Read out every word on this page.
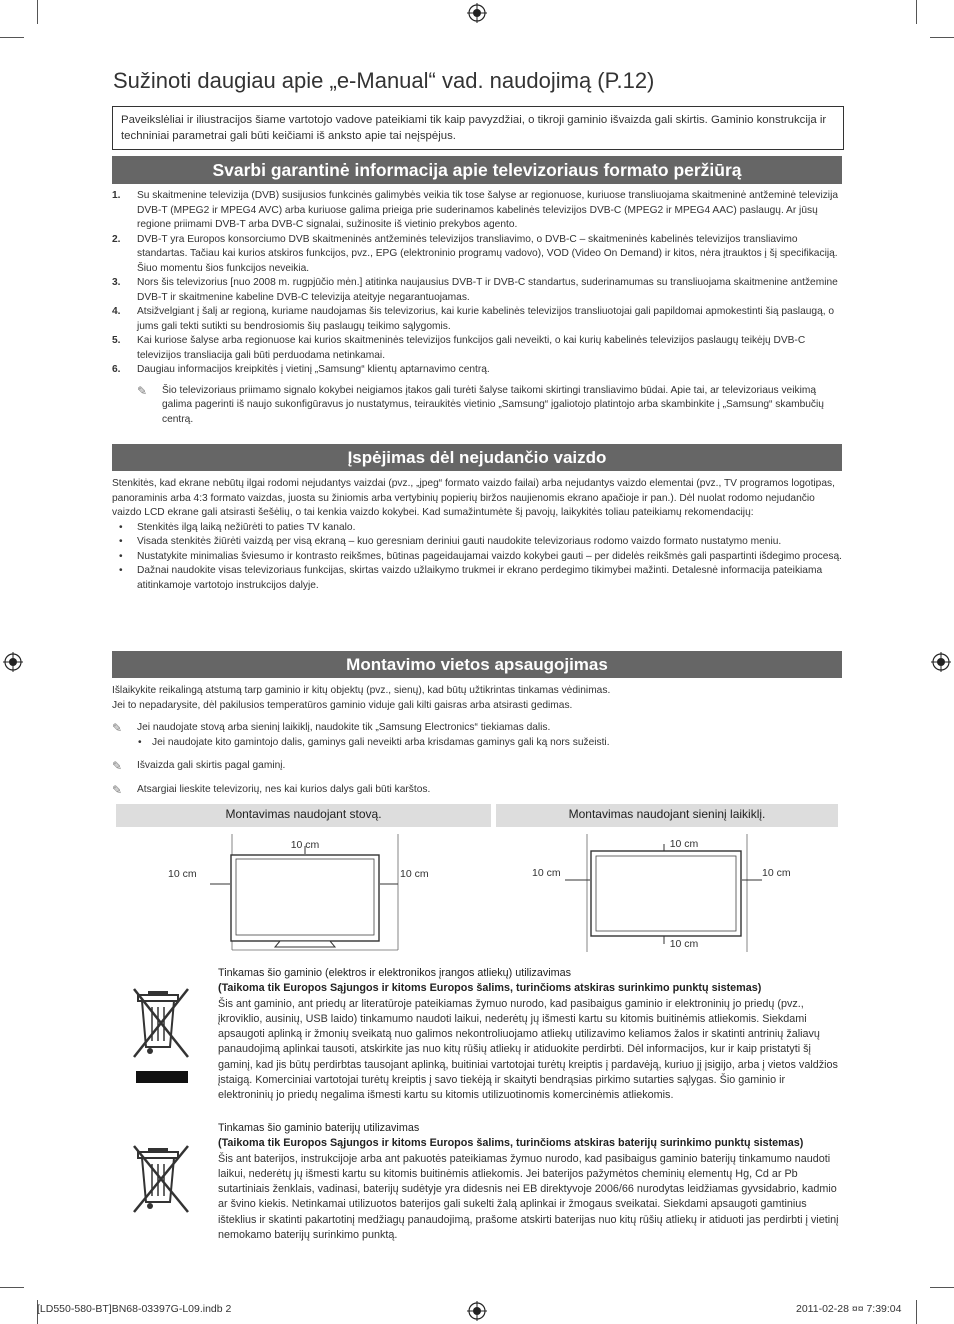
Sužinoti daugiau apie „e-Manual“ vad. naudojimą (P.12)
Paveikslėliai ir iliustracijos šiame vartotojo vadove pateikiami tik kaip pavyzdžiai, o tikroji gaminio išvaizda gali skirtis. Gaminio konstrukcija ir techniniai parametrai gali būti keičiami iš anksto apie tai neįspėjus.
Svarbi garantinė informacija apie televizoriaus formato peržiūrą
1. Su skaitmenine televizija (DVB) susijusios funkcinės galimybės veikia tik tose šalyse ar regionuose, kuriuose transliuojama skaitmeninė antžeminė televizija DVB-T (MPEG2 ir MPEG4 AVC) arba kuriuose galima prieiga prie suderinamos kabelinės televizijos DVB-C (MPEG2 ir MPEG4 AAC) paslaugų. Ar jūsų regione priimami DVB-T arba DVB-C signalai, sužinosite iš vietinio prekybos agento.
2. DVB-T yra Europos konsorciumo DVB skaitmeninės antžeminės televizijos transliavimo, o DVB-C – skaitmeninės kabelinės televizijos transliavimo standartas. Tačiau kai kurios atskiros funkcijos, pvz., EPG (elektroninio programų vadovo), VOD (Video On Demand) ir kitos, nėra įtrauktos į šį specifikaciją. Šiuo momentu šios funkcijos neveikia.
3. Nors šis televizorius [nuo 2008 m. rugpjūčio mėn.] atitinka naujausius DVB-T ir DVB-C standartus, suderinamumas su transliuojama skaitmenine antžemine DVB-T ir skaitmenine kabeline DVB-C televizija ateityje negarantuojamas.
4. Atsižvelgiant į šalį ar regioną, kuriame naudojamas šis televizorius, kai kurie kabelinės televizijos transliuotojai gali papildomai apmokestinti šią paslaugą, o jums gali tekti sutikti su bendrosiomis šių paslaugų teikimo sąlygomis.
5. Kai kuriose šalyse arba regionuose kai kurios skaitmeninės televizijos funkcijos gali neveikti, o kai kurių kabelinės televizijos paslaugų teikėjų DVB-C televizijos transliacija gali būti perduodama netinkamai.
6. Daugiau informacijos kreipkitės į vietinį „Samsung“ klientų aptarnavimo centrą.
✎	Šio televizoriaus priimamo signalo kokybei neigiamos įtakos gali turėti šalyse taikomi skirtingi transliavimo būdai. Apie tai, ar televizoriaus veikimą galima pagerinti iš naujo sukonfigūravus jo nustatymus, teiraukitės vietinio „Samsung“ įgaliotojo platintojo arba skambinkite į „Samsung“ skambučių centrą.
Įspėjimas dėl nejudančio vaizdo

Stenkitės, kad ekrane nebūtų ilgai rodomi nejudantys vaizdai (pvz., „jpeg“ formato vaizdo failai) arba nejudantys vaizdo elementai (pvz., TV programos logotipas, panoraminis arba 4:3 formato vaizdas, juosta su žiniomis arba vertybinių popierių biržos naujienomis ekrano apačioje ir pan.). Dėl nuolat rodomo nejudančio vaizdo LCD ekrane gali atsirasti šešėlių, o tai kenkia vaizdo kokybei. Kad sumažintumėte šį pavojų, laikykitės toliau pateikiamų rekomendacijų:

• Stenkitės ilgą laiką nežiūrėti to paties TV kanalo.
• Visada stenkitės žiūrėti vaizdą per visą ekraną – kuo geresniam deriniui gauti naudokite televizoriaus rodomo vaizdo formato nustatymo meniu.
• Nustatykite minimalias šviesumo ir kontrasto reikšmes, būtinas pageidaujamai vaizdo kokybei gauti – per didelės reikšmės gali paspartinti išdegimo procesą.
• Dažnai naudokite visas televizoriaus funkcijas, skirtas vaizdo užlaikymo trukmei ir ekrano perdegimo tikimybei mažinti. Detalesnė informacija pateikiama atitinkamoje vartotojo instrukcijos dalyje.
Montavimo vietos apsaugojimas

Išlaikykite reikalingą atstumą tarp gaminio ir kitų objektų (pvz., sienų), kad būtų užtikrintas tinkamas vėdinimas.

Jei to nepadarysite, dėl pakilusios temperatūros gaminio viduje gali kilti gaisras arba atsirasti gedimas.

✎	Jei naudojate stovą arba sieninį laikiklį, naudokite tik „Samsung Electronics“ tiekiamas dalis.
• Jei naudojate kito gamintojo dalis, gaminys gali neveikti arba krisdamas gaminys gali ką nors sužeisti.
✎	Išvaizda gali skirtis pagal gaminį.
✎	Atsargiai lieskite televizorių, nes kai kurios dalys gali būti karštos.
Montavimas naudojant stovą.	Montavimas naudojant sieninį laikiklį.
10 cm
10 cm	10 cm
10 cm
10 cm
10 cm	10 cm

Tinkamas šio gaminio (elektros ir elektronikos įrangos atliekų) utilizavimas

(Taikoma tik Europos Sąjungos ir kitoms Europos šalims, turinčioms atskiras surinkimo punktų sistemas)

Šis ant gaminio, ant priedų ar literatūroje pateikiamas žymuo nurodo, kad pasibaigus gaminio ir elektroninių jo priedų (pvz., įkroviklio, ausinių, USB laido) tinkamumo naudoti laikui, nederėtų jų išmesti kartu su kitomis buitinėmis atliekomis. Siekdami apsaugoti aplinką ir žmonių sveikatą nuo galimos nekontroliuojamo atliekų utilizavimo keliamos žalos ir skatinti antrinių žaliavų panaudojimą aplinkai tausoti, atskirkite jas nuo kitų rūšių atliekų ir atiduokite perdirbti. Dėl informacijos, kur ir kaip pristatyti šį gaminį, kad jis būtų perdirbtas tausojant aplinką, buitiniai vartotojai turėtų kreiptis į pardavėją, kuriuo jį įsigijo, arba į vietos valdžios įstaigą. Komerciniai vartotojai turėtų kreiptis į savo tiekėją ir skaityti bendrąsias pirkimo sutarties sąlygas. Šio gaminio ir elektroninių jo priedų negalima išmesti kartu su kitomis utilizuotinomis komercinėmis atliekomis.

Tinkamas šio gaminio baterijų utilizavimas

(Taikoma tik Europos Sąjungos ir kitoms Europos šalims, turinčioms atskiras baterijų surinkimo punktų sistemas)

Šis ant baterijos, instrukcijoje arba ant pakuotės pateikiamas žymuo nurodo, kad pasibaigus gaminio baterijų tinkamumo naudoti laikui, nederėtų jų išmesti kartu su kitomis buitinėmis atliekomis. Jei baterijos pažymėtos cheminių elementų Hg, Cd ar Pb sutartiniais ženklais, vadinasi, baterijų sudėtyje yra didesnis nei EB direktyvoje 2006/66 nurodytas leidžiamas gyvsidabrio, kadmio ar švino kiekis. Netinkamai utilizuotos baterijos gali sukelti žalą aplinkai ir žmogaus sveikatai. Siekdami apsaugoti gamtinius išteklius ir skatinti pakartotinį medžiagų panaudojimą, prašome atskirti baterijas nuo kitų rūšių atliekų ir atiduoti jas perdirbti į vietinį nemokamo baterijų surinkimo punktą.

[LD550-580-BT]BN68-03397G-L09.indb 2	2011-02-28 ¤¤ 7:39:04
